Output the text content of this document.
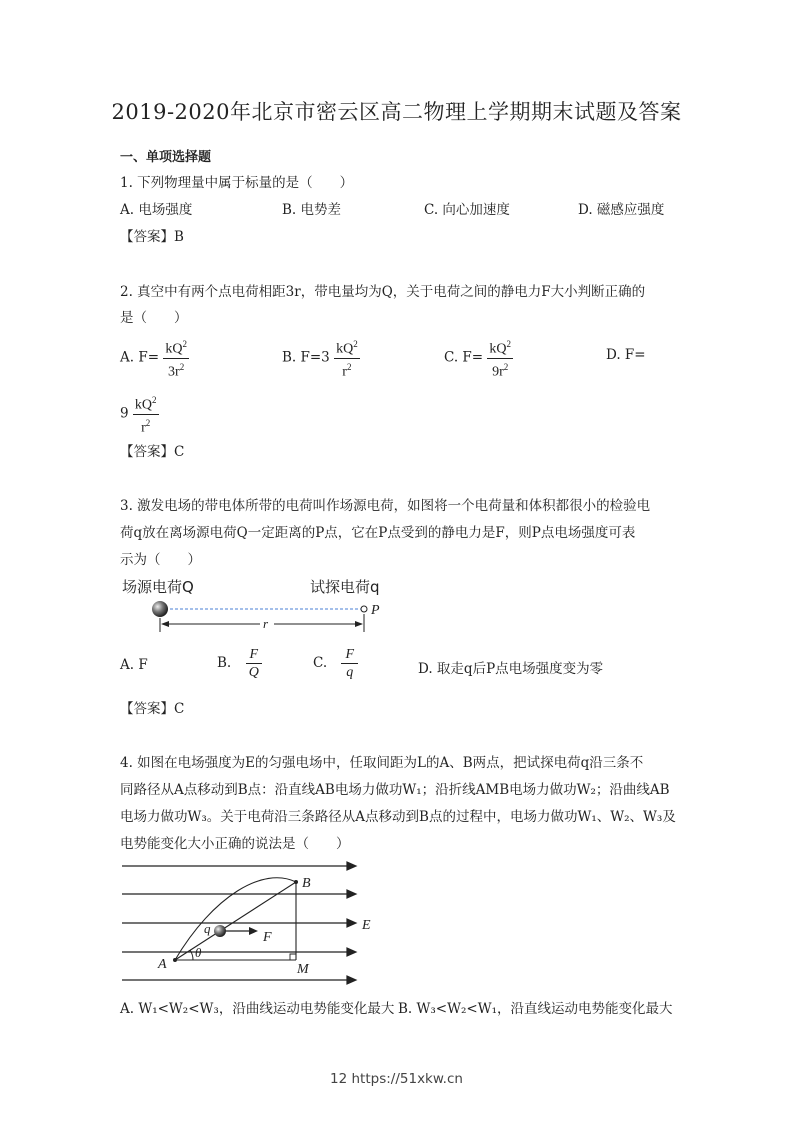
2019-2020年北京市密云区高二物理上学期期末试题及答案
一、单项选择题
1. 下列物理量中属于标量的是（　　）
A. 电场强度	B. 电势差	C. 向心加速度	D. 磁感应强度
【答案】B
2. 真空中有两个点电荷相距3r，带电量均为Q，关于电荷之间的静电力F大小判断正确的
是（　　）
A. $F= \frac{kQ^2}{3r^2}$	B. $F=3 \frac{kQ^2}{r^2}$	C. $F= \frac{kQ^2}{9r^2}$	D. F=
$9 \frac{kQ^2}{r^2}$
【答案】C
3. 激发电场的带电体所带的电荷叫作场源电荷，如图将一个电荷量和体积都很小的检验电
荷q放在离场源电荷Q一定距离的P点，它在P点受到的静电力是F，则P点电场强度可表
示为（　　）
场源电荷Q	试探电荷q
P
r
A. F	B. $\frac{F}{Q}$	C. $\frac{F}{q}$	D. 取走q后P点电场强度变为零
【答案】C
4. 如图在电场强度为E的匀强电场中，任取间距为L的A、B两点，把试探电荷q沿三条不
同路径从A点移动到B点：沿直线AB电场力做功W₁；沿折线AMB电场力做功W₂；沿曲线AB
电场力做功W₃。关于电荷沿三条路径从A点移动到B点的过程中，电场力做功W₁、W₂、W₃及
电势能变化大小正确的说法是（　　）
B
E
q
F
A
θ
M
A. W₁<W₂<W₃，沿曲线运动电势能变化最大 B. W₃<W₂<W₁，沿直线运动电势能变化最大
12 https://51xkw.cn
